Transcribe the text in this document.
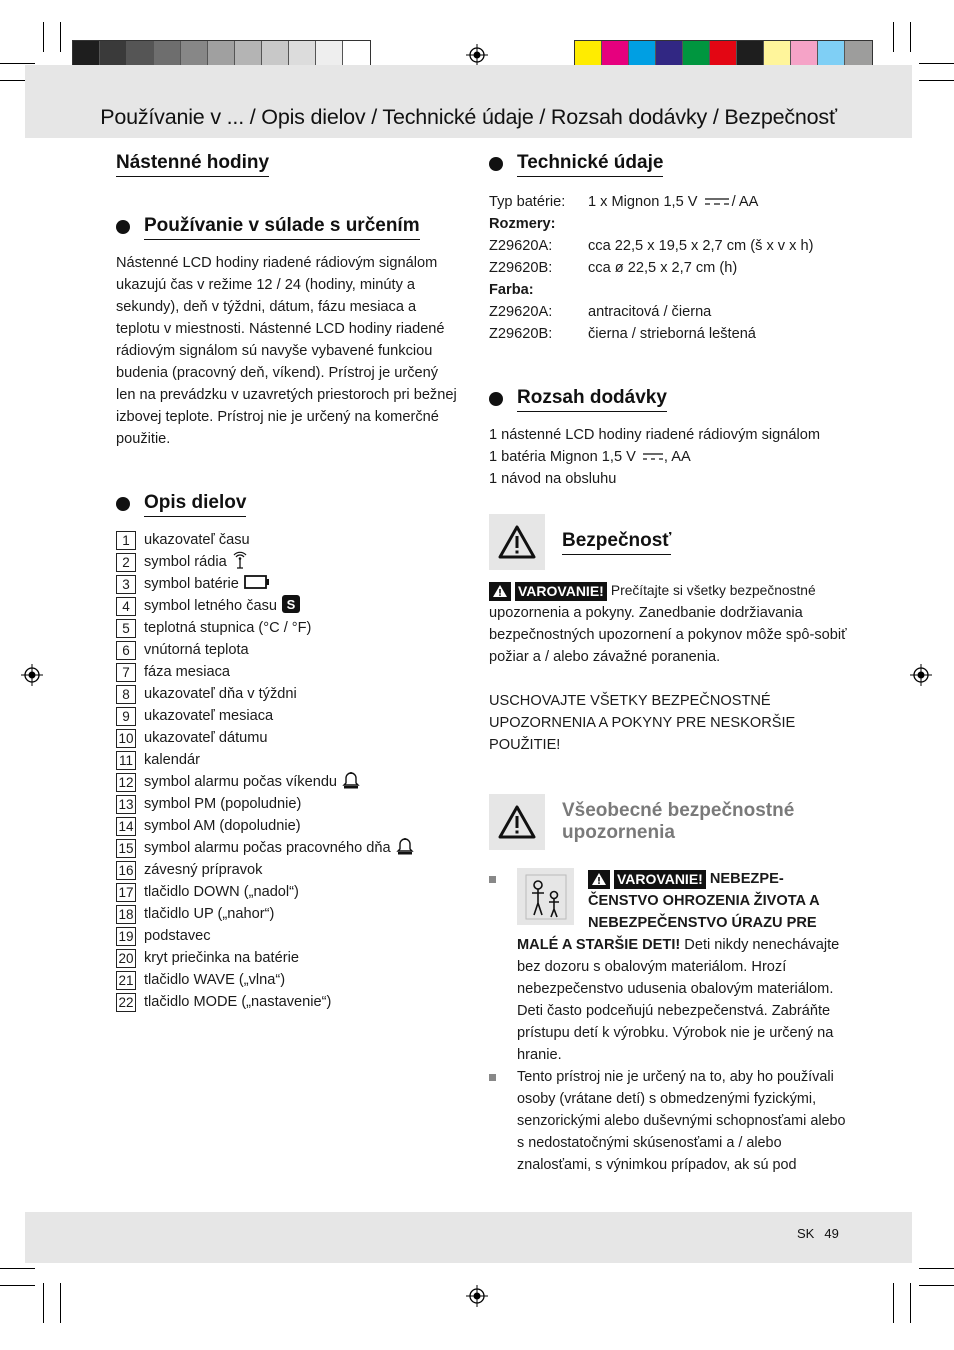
Používanie v ... / Opis dielov / Technické údaje / Rozsah dodávky / Bezpečnosť
Nástenné hodiny
Používanie v súlade s určením

Nástenné LCD hodiny riadené rádiovým signálom ukazujú čas v režime 12 / 24 (hodiny, minúty a sekundy), deň v týždni, dátum, fázu mesiaca a teplotu v miestnosti. Nástenné LCD hodiny riadené rádiovým signálom sú navyše vybavené funkciou budenia (pracovný deň, víkend). Prístroj je určený len na prevádzku v uzavretých priestoroch pri bežnej izbovej teplote. Prístroj nie je určený na komerčné použitie.

Opis dielov
1 ukazovateľ času
2 symbol rádia
3 symbol batérie
4 symbol letného času S
5 teplotná stupnica (°C / °F)
6 vnútorná teplota
7 fáza mesiaca
8 ukazovateľ dňa v týždni
9 ukazovateľ mesiaca
10 ukazovateľ dátumu
11 kalendár
12 symbol alarmu počas víkendu
13 symbol PM (popoludnie)
14 symbol AM (dopoludnie)
15 symbol alarmu počas pracovného dňa
16 závesný prípravok
17 tlačidlo DOWN („nadol“)
18 tlačidlo UP („nahor“)
19 podstavec
20 kryt priečinka na batérie
21 tlačidlo WAVE („vlna“)
22 tlačidlo MODE („nastavenie“)
Technické údaje
Typ batérie:	1 x Mignon 1,5 V / AA
Rozmery:
Z29620A:	cca 22,5 x 19,5 x 2,7 cm (š x v x h)
Z29620B:	cca ø 22,5 x 2,7 cm (h)
Farba:
Z29620A:	antracitová / čierna
Z29620B:	čierna / strieborná leštená
Rozsah dodávky
1 nástenné LCD hodiny riadené rádiovým signálom
1 batéria Mignon 1,5 V , AA
1 návod na obsluhu
Bezpečnosť
VAROVANIE! Prečítajte si všetky bezpečnostné upozornenia a pokyny. Zanedbanie dodržiavania bezpečnostných upozornení a pokynov môže spô-sobiť požiar a / alebo závažné poranenia.

USCHOVAJTE VŠETKY BEZPEČNOSTNÉ UPOZORNENIA A POKYNY PRE NESKORŠIE POUŽITIE!

Všeobecné bezpečnostné upozornenia
VAROVANIE! NEBEZPE-ČENSTVO OHROZENIA ŽIVOTA A NEBEZPEČENSTVO ÚRAZU PRE MALÉ A STARŠIE DETI! Deti nikdy nenechávajte bez dozoru s obalovým materiálom. Hrozí nebezpečenstvo udusenia obalovým materiálom. Deti často podceňujú nebezpečenstvá. Zabráňte prístupu detí k výrobku. Výrobok nie je určený na hranie.
Tento prístroj nie je určený na to, aby ho používali osoby (vrátane detí) s obmedzenými fyzickými, senzorickými alebo duševnými schopnosťami alebo s nedostatočnými skúsenosťami a / alebo znalosťami, s výnimkou prípadov, ak sú pod
SK 49
